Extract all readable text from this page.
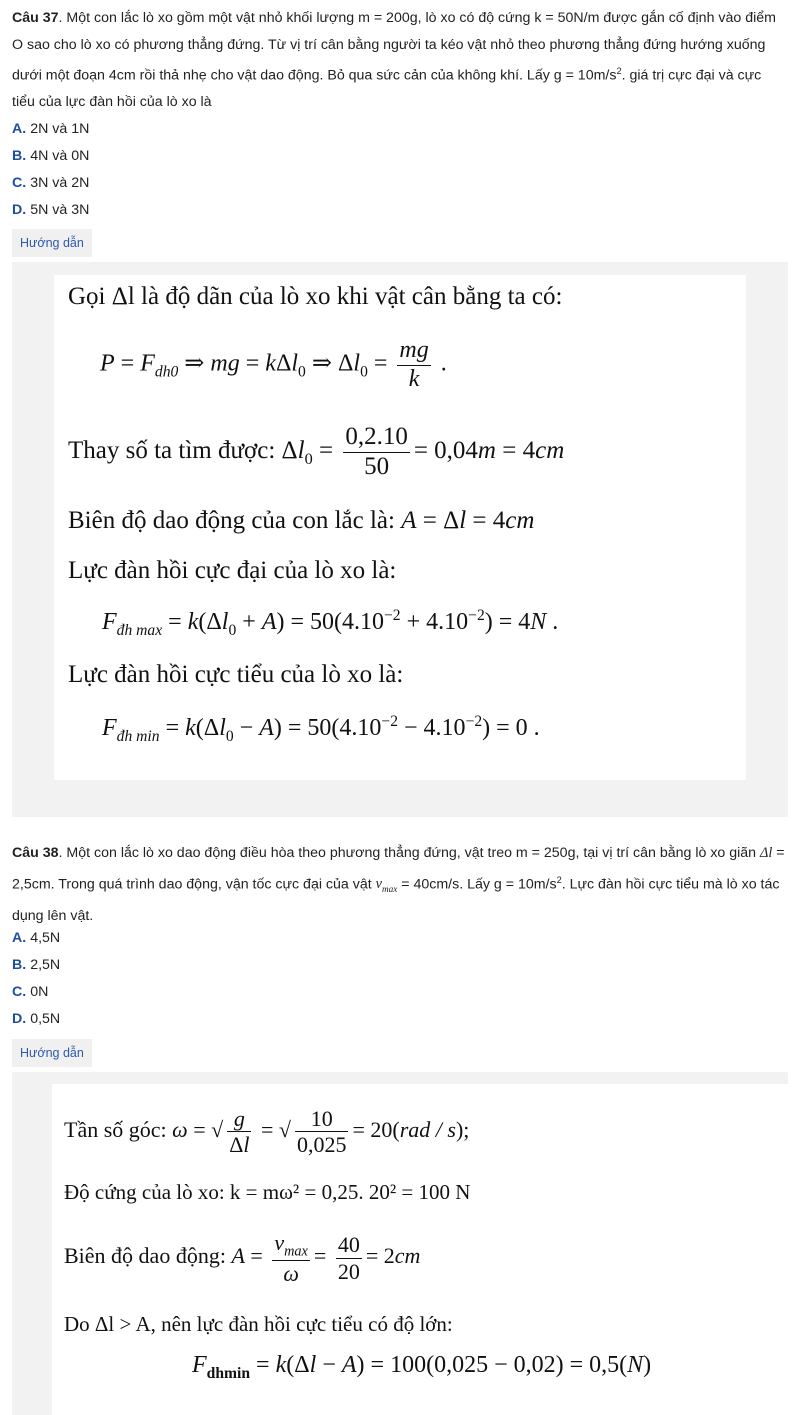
Câu 37. Một con lắc lò xo gồm một vật nhỏ khối lượng m = 200g, lò xo có độ cứng k = 50N/m được gắn cố định vào điểm O sao cho lò xo có phương thẳng đứng. Từ vị trí cân bằng người ta kéo vật nhỏ theo phương thẳng đứng hướng xuống dưới một đoạn 4cm rồi thả nhẹ cho vật dao động. Bỏ qua sức cản của không khí. Lấy $g = 10m/s^2$. giá trị cực đại và cực tiểu của lực đàn hồi của lò xo là
A. 2N và 1N
B. 4N và 0N
C. 3N và 2N
D. 5N và 3N
Hướng dẫn
Gọi Δl là độ dãn của lò xo khi vật cân bằng ta có:
$P = F_{dh0}$ ⇒ mg = kΔl$_0$ ⇒ $\Delta l_0 = \frac{mg}{k}$ .
Thay số ta tìm được: $\Delta l_0 = \frac{0,2.10}{50} = 0,04m = 4cm$
Biên độ dao động của con lắc là: A = Δl = 4cm
Lực đàn hồi cực đại của lò xo là:
$F_{đh max} = k(\Delta l_0 + A) = 50(4.10^{-2} + 4.10^{-2}) = 4N$ .
Lực đàn hồi cực tiểu của lò xo là:
$F_{đh min} = k(\Delta l_0 - A) = 50(4.10^{-2} - 4.10^{-2}) = 0$ .
Câu 38. Một con lắc lò xo dao động điều hòa theo phương thẳng đứng, vật treo m = 250g, tại vị trí cân bằng lò xo giãn Δl = 2,5cm. Trong quá trình dao động, vận tốc cực đại của vật $v_{max} = 40cm/s$. Lấy $g = 10m/s^2$. Lực đàn hồi cực tiểu mà lò xo tác dụng lên vật.
A. 4,5N
B. 2,5N
C. 0N
D. 0,5N
Hướng dẫn
Tần số góc: ω = √ $\frac{g}{\Delta l}$ = √ $\frac{10}{0,025} = 20(rad / s)$;
Độ cứng của lò xo: k = mω² = 0,25. 20² = 100 N
Biên độ dao động: $A = \frac{v_{max}}{\omega} = \frac{40}{20} = 2cm$
Do Δl > A, nên lực đàn hồi cực tiểu có độ lớn:
$F_{dhmin} = k(\Delta l - A) = 100(0,025 - 0,02) = 0,5(N)$
